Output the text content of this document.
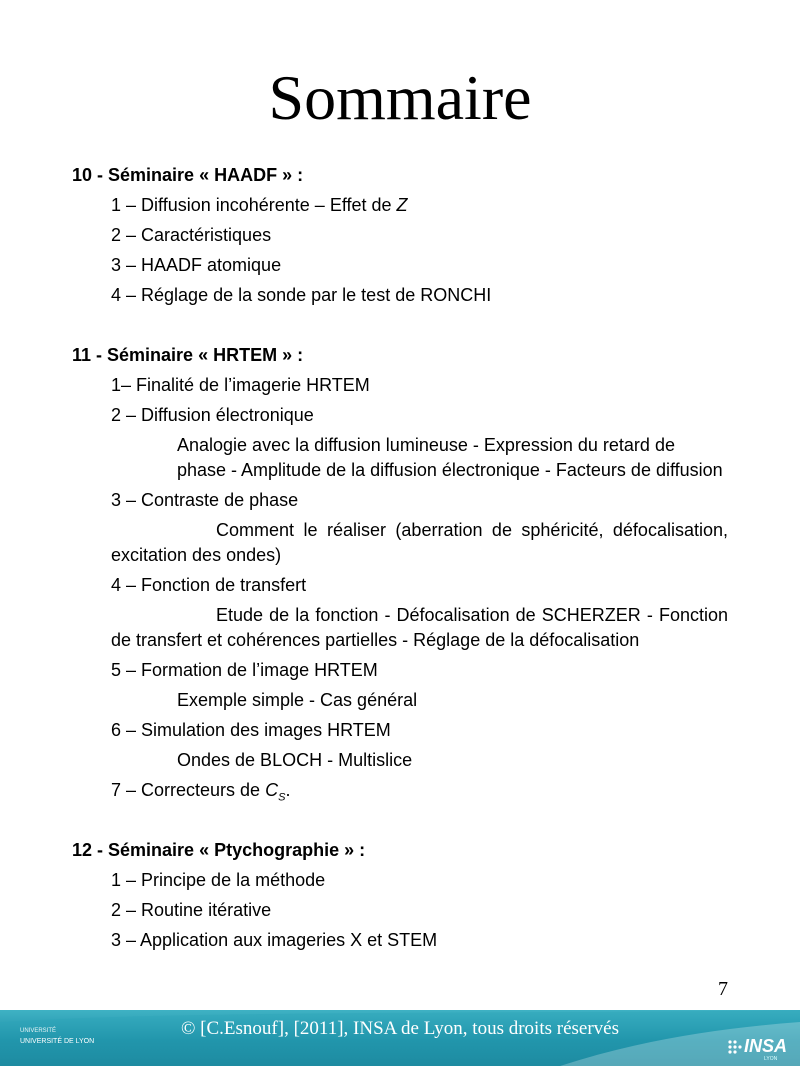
Sommaire
10 - Séminaire « HAADF » :
1 – Diffusion incohérente – Effet de Z
2 – Caractéristiques
3 – HAADF atomique
4 – Réglage de la sonde par le test de RONCHI
11 - Séminaire « HRTEM » :
1– Finalité de l’imagerie HRTEM
2 – Diffusion électronique
Analogie avec la diffusion lumineuse - Expression du retard de phase - Amplitude de la diffusion électronique - Facteurs de diffusion
3 – Contraste de phase
Comment le réaliser (aberration de sphéricité, défocalisation, excitation des ondes)
4 – Fonction de transfert
Etude de la fonction - Défocalisation de SCHERZER - Fonction de transfert et cohérences partielles - Réglage de la défocalisation
5 – Formation de l’image HRTEM
Exemple simple - Cas général
6 – Simulation des images HRTEM
Ondes de BLOCH - Multislice
7 – Correcteurs de $C_S$.
12 - Séminaire « Ptychographie » :
1 – Principe de la méthode
2 – Routine itérative
3 – Application aux imageries X et STEM
7
© [C.Esnouf], [2011], INSA de Lyon, tous droits réservés
UNIVERSITÉ
UNIVERSITÉ DE LYON	INSA
LYON
